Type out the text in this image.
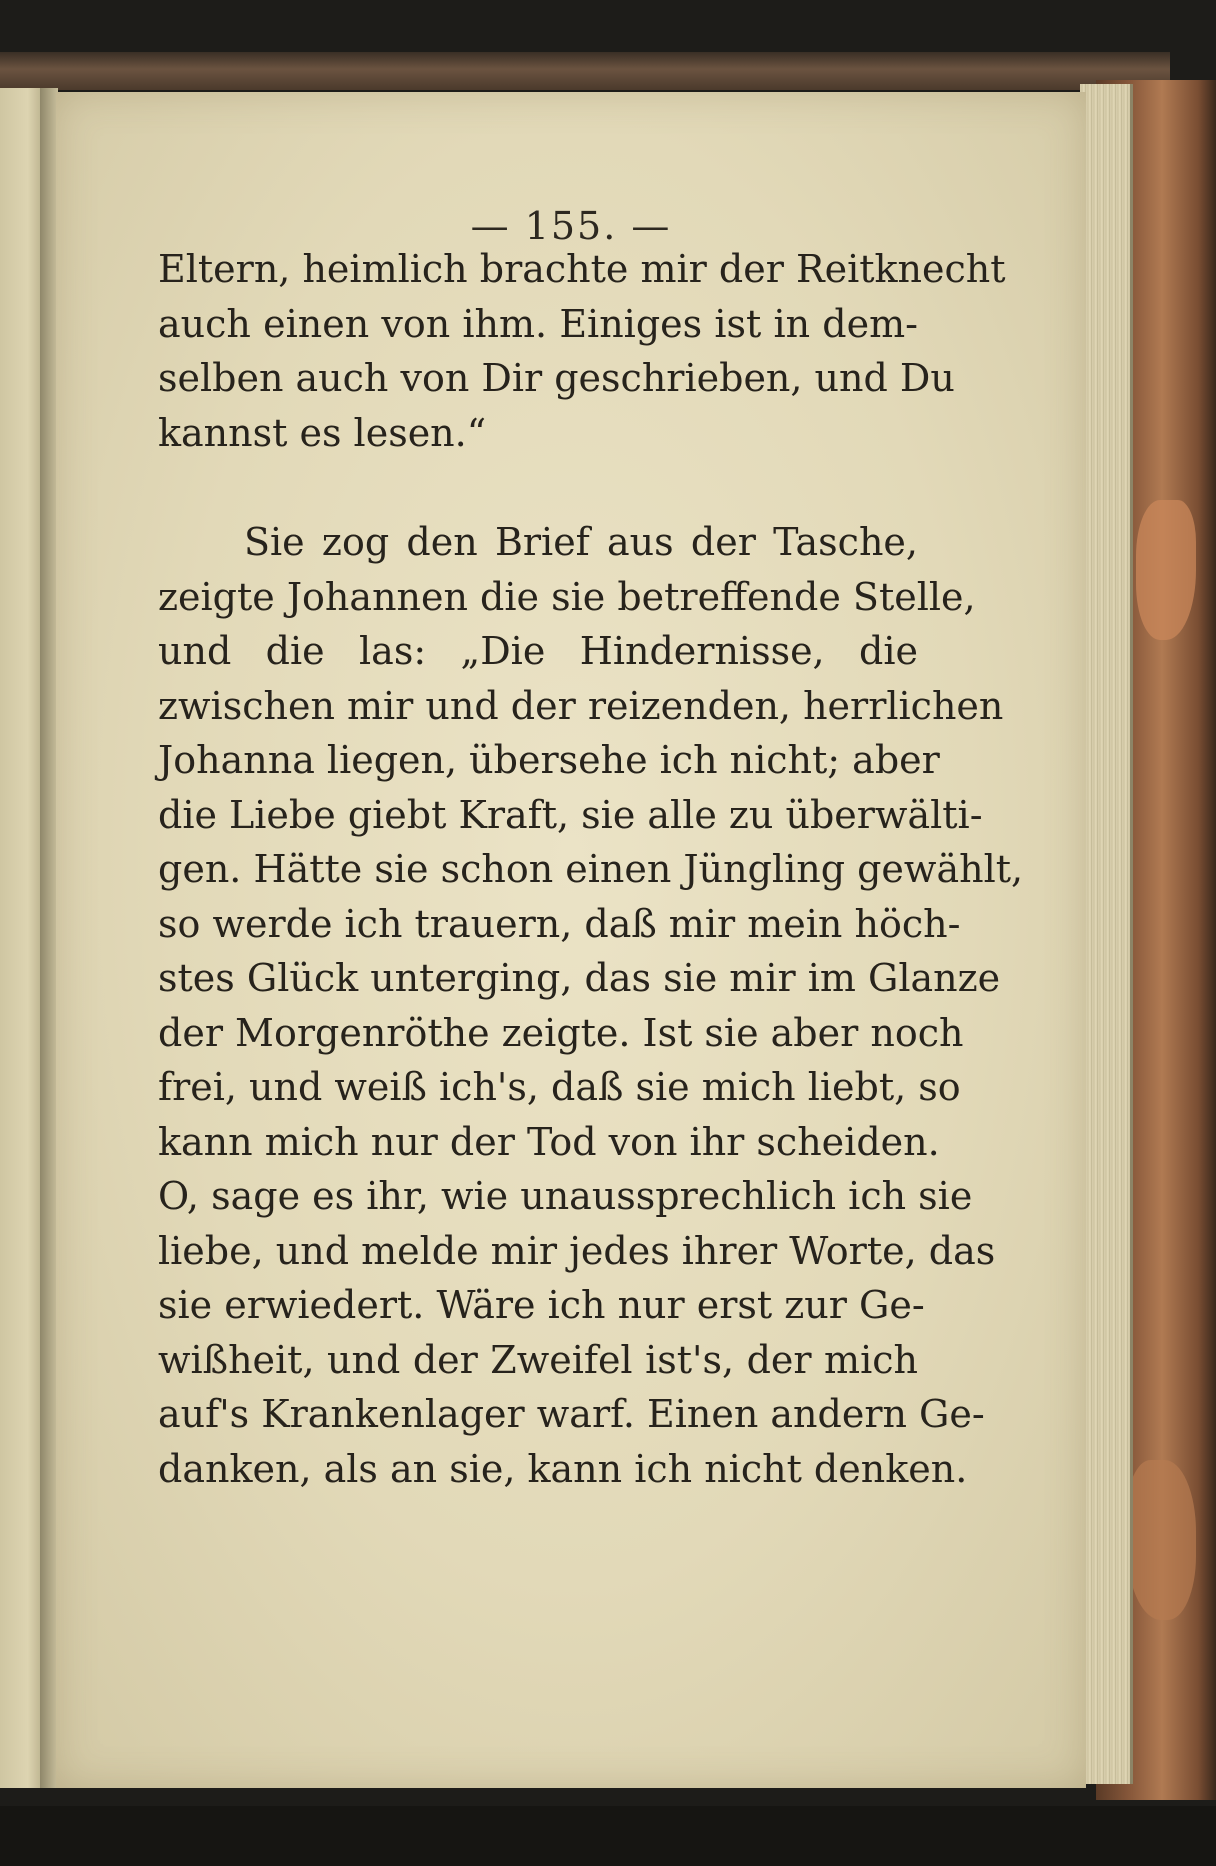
— 155. —
Eltern, heimlich brachte mir der Reitknecht
auch einen von ihm. Einiges ist in dem-
selben auch von Dir geschrieben, und Du
kannst es lesen.“
Sie zog den Brief aus der Tasche,
zeigte Johannen die sie betreffende Stelle,
und die las: „Die Hindernisse, die
zwischen mir und der reizenden, herrlichen
Johanna liegen, übersehe ich nicht; aber
die Liebe giebt Kraft, sie alle zu überwälti-
gen. Hätte sie schon einen Jüngling gewählt,
so werde ich trauern, daß mir mein höch-
stes Glück unterging, das sie mir im Glanze
der Morgenröthe zeigte. Ist sie aber noch
frei, und weiß ich's, daß sie mich liebt, so
kann mich nur der Tod von ihr scheiden.
O, sage es ihr, wie unaussprechlich ich sie
liebe, und melde mir jedes ihrer Worte, das
sie erwiedert. Wäre ich nur erst zur Ge-
wißheit, und der Zweifel ist's, der mich
auf's Krankenlager warf. Einen andern Ge-
danken, als an sie, kann ich nicht denken.
